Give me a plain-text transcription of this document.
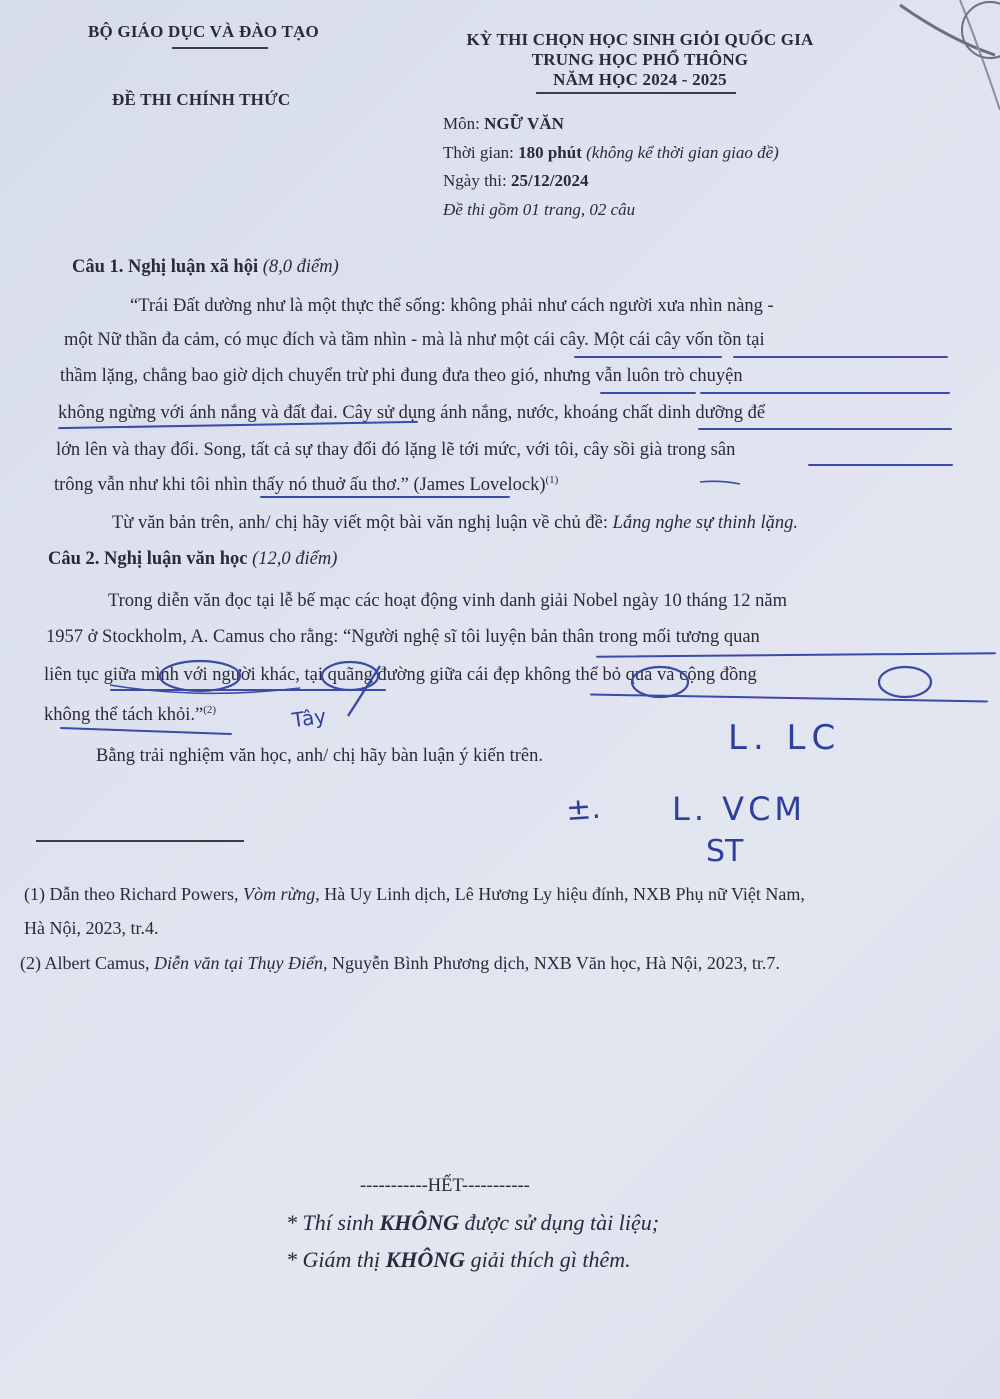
BỘ GIÁO DỤC VÀ ĐÀO TẠO
ĐỀ THI CHÍNH THỨC
KỲ THI CHỌN HỌC SINH GIỎI QUỐC GIA
TRUNG HỌC PHỔ THÔNG
NĂM HỌC 2024 - 2025
Môn: NGỮ VĂN
Thời gian: 180 phút (không kể thời gian giao đề)
Ngày thi: 25/12/2024
Đề thi gồm 01 trang, 02 câu
Câu 1. Nghị luận xã hội (8,0 điểm)
“Trái Đất dường như là một thực thể sống: không phải như cách người xưa nhìn nàng -
một Nữ thần đa cảm, có mục đích và tầm nhìn - mà là như một cái cây. Một cái cây vốn tồn tại
thầm lặng, chẳng bao giờ dịch chuyển trừ phi đung đưa theo gió, nhưng vẫn luôn trò chuyện
không ngừng với ánh nắng và đất đai. Cây sử dụng ánh nắng, nước, khoáng chất dinh dưỡng để
lớn lên và thay đổi. Song, tất cả sự thay đổi đó lặng lẽ tới mức, với tôi, cây sồi già trong sân
trông vẫn như khi tôi nhìn thấy nó thuở ấu thơ.” (James Lovelock)$^{(1)}$
Từ văn bản trên, anh/ chị hãy viết một bài văn nghị luận về chủ đề: Lắng nghe sự thinh lặng.
Câu 2. Nghị luận văn học (12,0 điểm)
Trong diễn văn đọc tại lễ bế mạc các hoạt động vinh danh giải Nobel ngày 10 tháng 12 năm
1957 ở Stockholm, A. Camus cho rằng: “Người nghệ sĩ tôi luyện bản thân trong mối tương quan
liên tục giữa mình với người khác, tại quãng đường giữa cái đẹp không thể bỏ qua và cộng đồng
không thể tách khỏi.”$^{(2)}$
Bằng trải nghiệm văn học, anh/ chị hãy bàn luận ý kiến trên.
(1) Dẫn theo Richard Powers, Vòm rừng, Hà Uy Linh dịch, Lê Hương Ly hiệu đính, NXB Phụ nữ Việt Nam,
Hà Nội, 2023, tr.4.
(2) Albert Camus, Diễn văn tại Thụy Điển, Nguyễn Bình Phương dịch, NXB Văn học, Hà Nội, 2023, tr.7.
-----------HẾT-----------
* Thí sinh KHÔNG được sử dụng tài liệu;
* Giám thị KHÔNG giải thích gì thêm.
Tây	L. LC
±. L. VCM
ST
